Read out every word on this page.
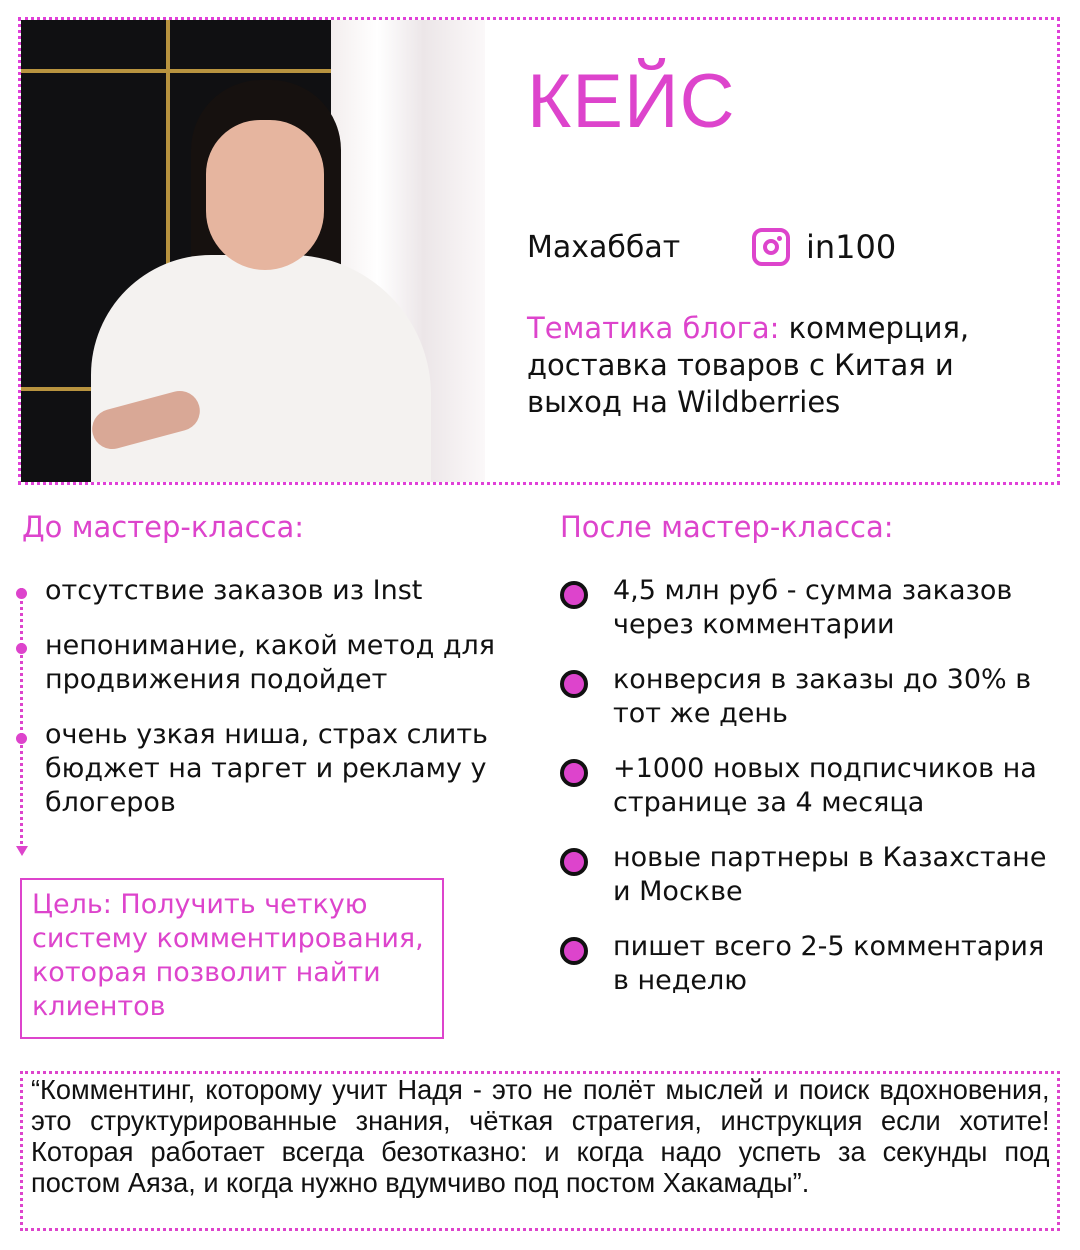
КЕЙС
Махаббат	in100
Тематика блога: коммерция, доставка товаров с Китая и выход на Wildberries
До мастер-класса:	После мастер-класса:
отсутствие заказов из Inst
непонимание, какой метод для продвижения подойдет
очень узкая ниша, страх слить бюджет на таргет и рекламу у блогеров
Цель: Получить четкую систему комментирования, которая позволит найти клиентов
4,5 млн руб - сумма заказов через комментарии
конверсия в заказы до 30% в тот же день
+1000 новых подписчиков на странице за 4 месяца
новые партнеры в Казахстане и Москве
пишет всего 2-5 комментария в неделю
“Комментинг, которому учит Надя - это не полёт мыслей и поиск вдохновения, это структурированные знания, чёткая стратегия, инструкция если хотите! Которая работает всегда безотказно: и когда надо успеть за секунды под постом Аяза, и когда нужно вдумчиво под постом Хакамады”.
